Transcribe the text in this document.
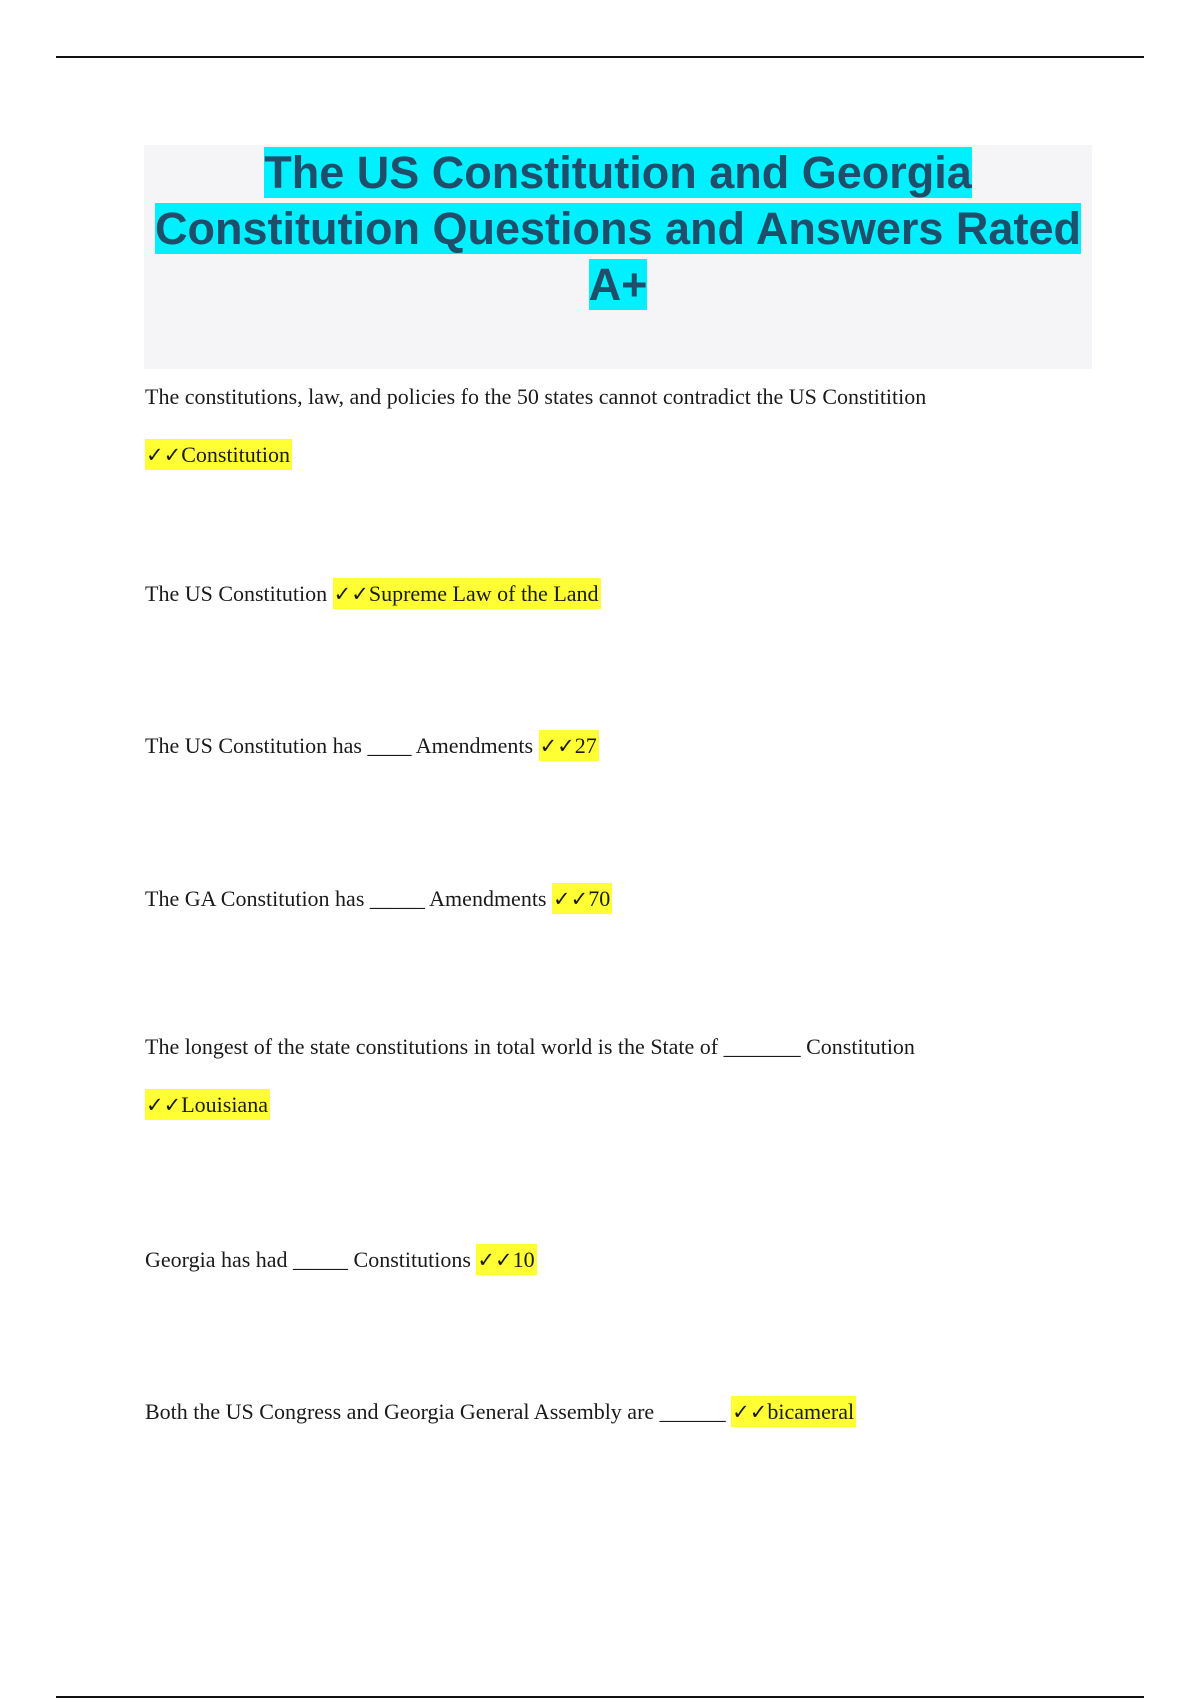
The US Constitution and Georgia Constitution Questions and Answers Rated A+
The constitutions, law, and policies fo the 50 states cannot contradict the US Constitition
✓✓Constitution
The US Constitution ✓✓Supreme Law of the Land
The US Constitution has ____ Amendments ✓✓27
The GA Constitution has _____ Amendments ✓✓70
The longest of the state constitutions in total world is the State of _______ Constitution
✓✓Louisiana
Georgia has had _____ Constitutions ✓✓10
Both the US Congress and Georgia General Assembly are ______ ✓✓bicameral
